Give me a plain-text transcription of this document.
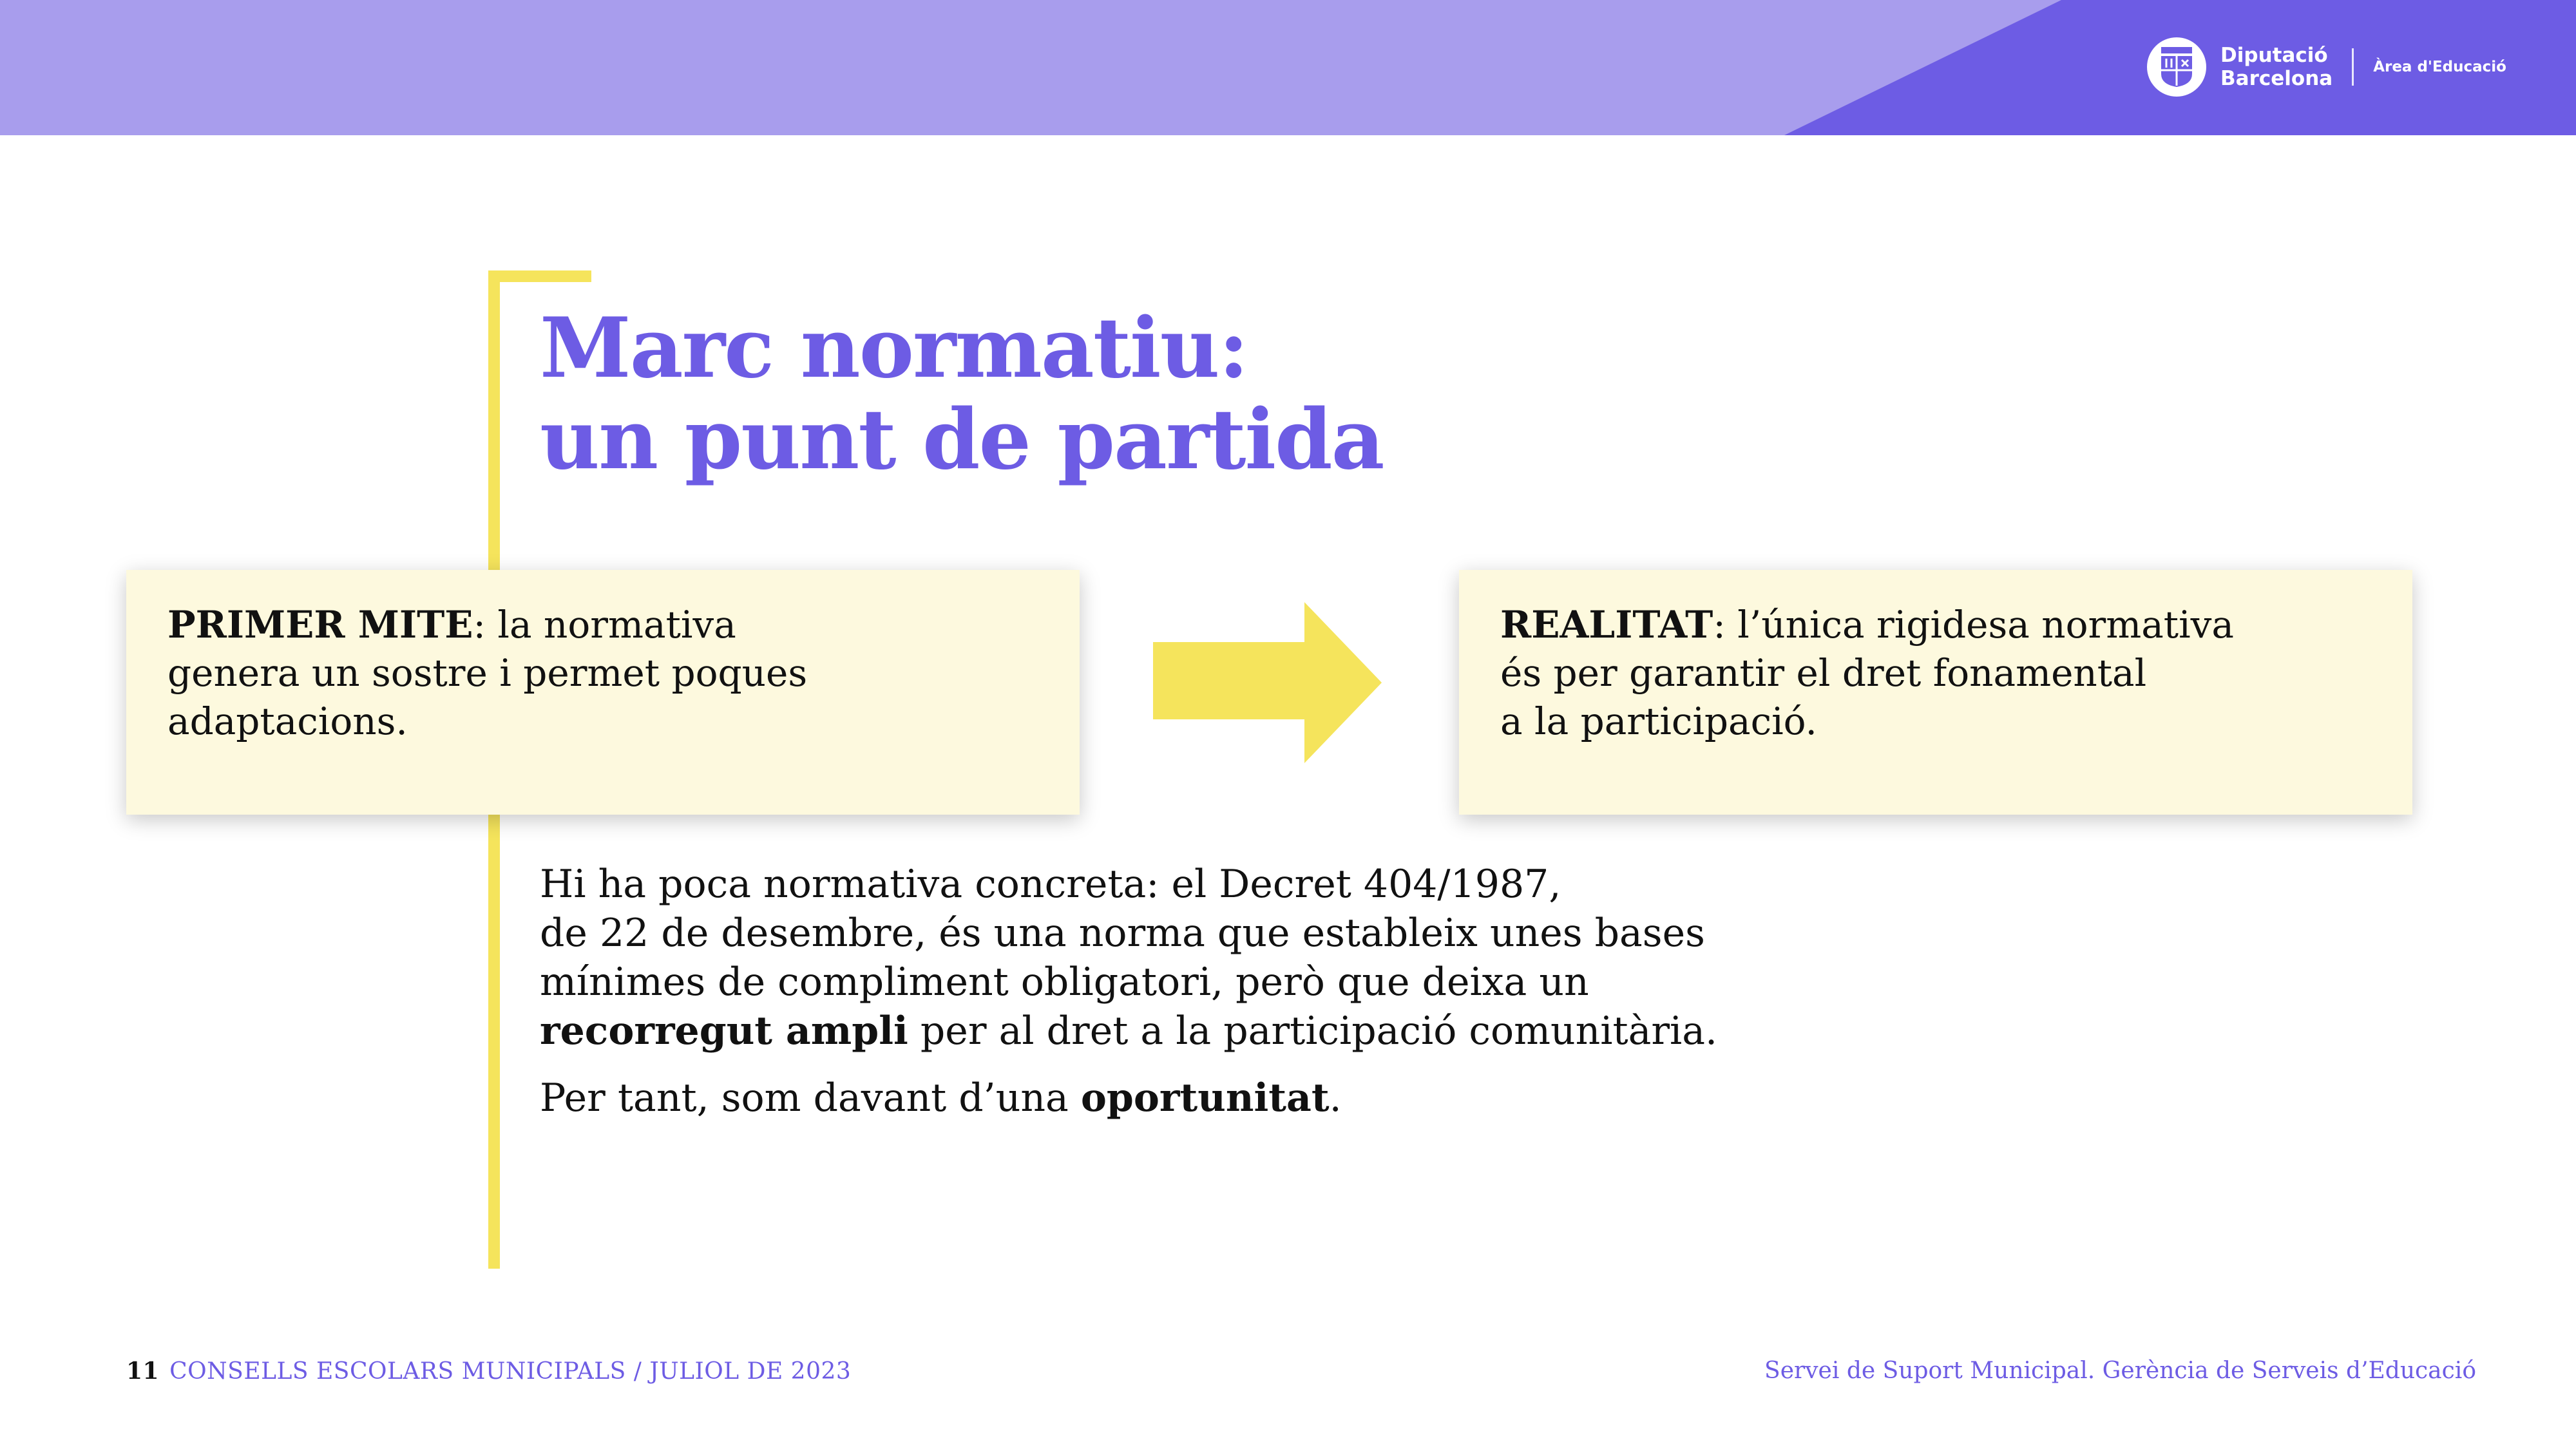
Diputació
Barcelona	Àrea d'Educació
Marc normatiu:
un punt de partida
PRIMER MITE: la normativa
genera un sostre i permet poques
adaptacions.
REALITAT: l’única rigidesa normativa
és per garantir el dret fonamental
a la participació.

Hi ha poca normativa concreta: el Decret 404/1987,
de 22 de desembre, és una norma que estableix unes bases
mínimes de compliment obligatori, però que deixa un
recorregut ampli per al dret a la participació comunitària.

Per tant, som davant d’una oportunitat.

11 CONSELLS ESCOLARS MUNICIPALS / JULIOL DE 2023	Servei de Suport Municipal. Gerència de Serveis d’Educació
